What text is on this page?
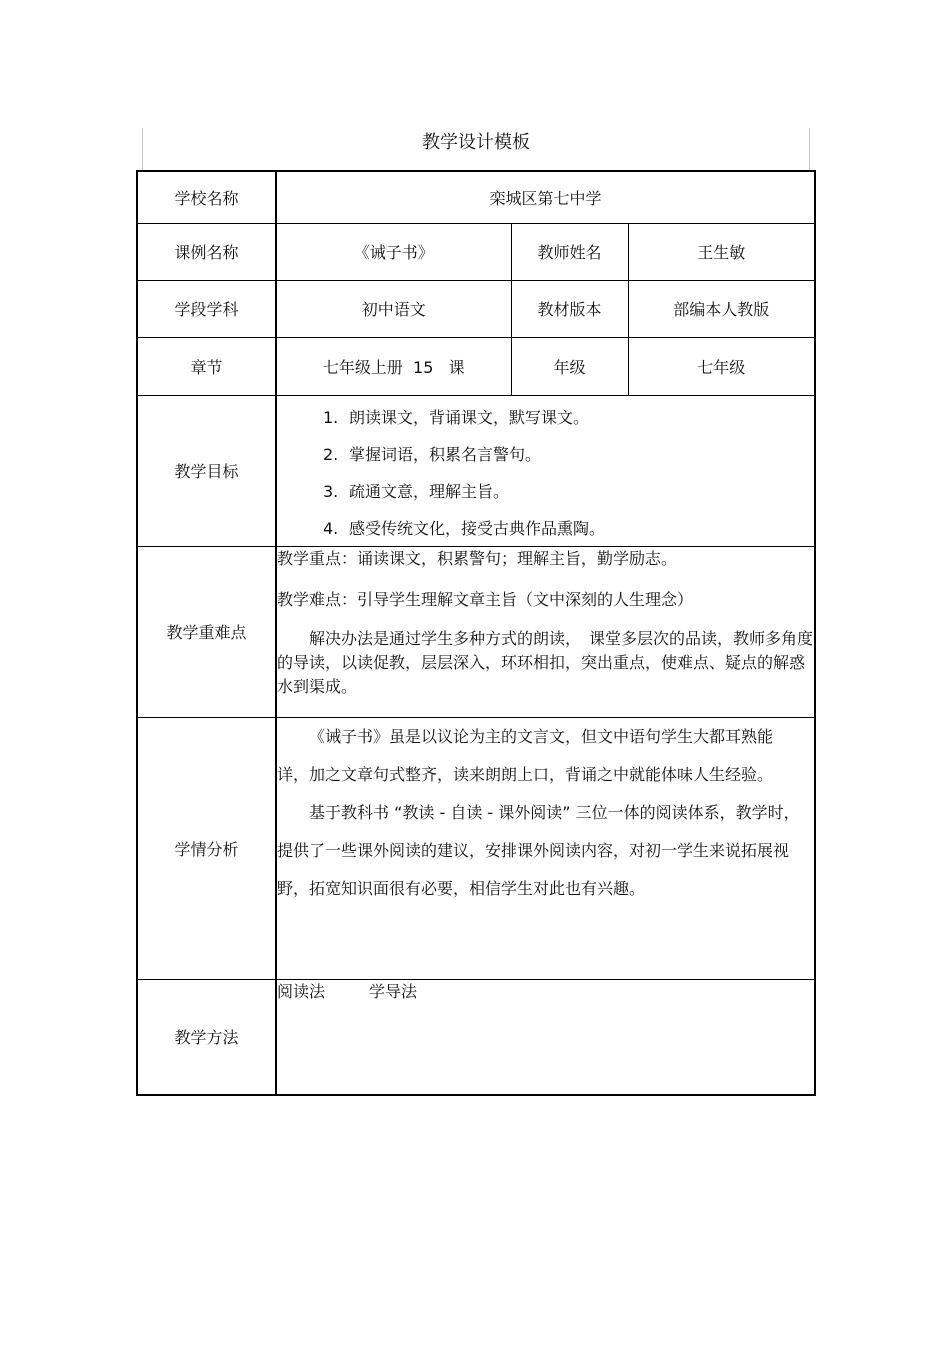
教学设计模板
学校名称	栾城区第七中学		
课例名称	《诫子书》	教师姓名	王生敏
学段学科	初中语文	教材版本	部编本人教版
章节	七年级上册  15   课	年级	七年级
教学目标	1. 朗读课文，背诵课文，默写课文。
2. 掌握词语，积累名言警句。
3. 疏通文意，理解主旨。
4. 感受传统文化，接受古典作品熏陶。		

教学重难点	教学重点：诵读课文，积累警句；理解主旨，勤学励志。

教学难点：引导学生理解文章主旨（文中深刻的人生理念）

解决办法是通过学生多种方式的朗读，　课堂多层次的品读，教师多角度的导读，以读促教，层层深入，环环相扣，突出重点，使难点、疑点的解惑水到渠成。		

学情分析	《诫子书》虽是以议论为主的文言文，但文中语句学生大都耳熟能详，加之文章句式整齐，读来朗朗上口，背诵之中就能体味人生经验。

基于教科书 “教读 - 自读 - 课外阅读” 三位一体的阅读体系，教学时，提供了一些课外阅读的建议，安排课外阅读内容，对初一学生来说拓展视野，拓宽知识面很有必要，相信学生对此也有兴趣。		

教学方法	阅读法 学导法		
